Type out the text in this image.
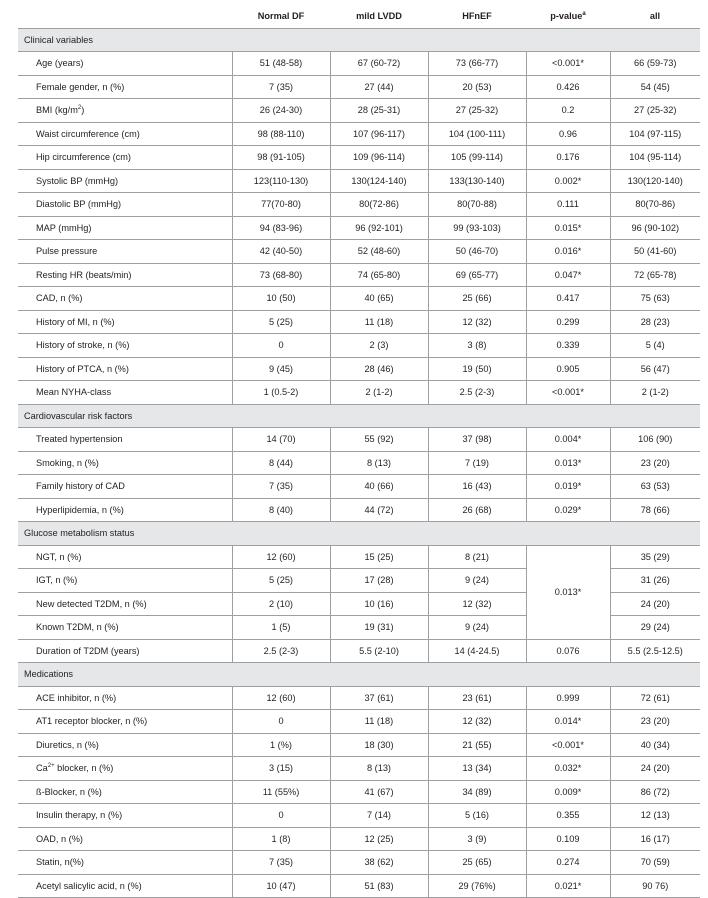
	Normal DF	mild LVDD	HFnEF	p-value$^a$	all
Clinical variables					
Age (years)	51 (48-58)	67 (60-72)	73 (66-77)	<0.001*	66 (59-73)
Female gender, n (%)	7 (35)	27 (44)	20 (53)	0.426	54 (45)
BMI $(kg/m^2)$	26 (24-30)	28 (25-31)	27 (25-32)	0.2	27 (25-32)
Waist circumference (cm)	98 (88-110)	107 (96-117)	104 (100-111)	0.96	104 (97-115)
Hip circumference (cm)	98 (91-105)	109 (96-114)	105 (99-114)	0.176	104 (95-114)
Systolic BP (mmHg)	123(110-130)	130(124-140)	133(130-140)	0.002*	130(120-140)
Diastolic BP (mmHg)	77(70-80)	80(72-86)	80(70-88)	0.111	80(70-86)
MAP (mmHg)	94 (83-96)	96 (92-101)	99 (93-103)	0.015*	96 (90-102)
Pulse pressure	42 (40-50)	52 (48-60)	50 (46-70)	0.016*	50 (41-60)
Resting HR (beats/min)	73 (68-80)	74 (65-80)	69 (65-77)	0.047*	72 (65-78)
CAD, n (%)	10 (50)	40 (65)	25 (66)	0.417	75 (63)
History of MI, n (%)	5 (25)	11 (18)	12 (32)	0.299	28 (23)
History of stroke, n (%)	0	2 (3)	3 (8)	0.339	5 (4)
History of PTCA, n (%)	9 (45)	28 (46)	19 (50)	0.905	56 (47)
Mean NYHA-class	1 (0.5-2)	2 (1-2)	2.5 (2-3)	<0.001*	2 (1-2)
Cardiovascular risk factors					
Treated hypertension	14 (70)	55 (92)	37 (98)	0.004*	106 (90)
Smoking, n (%)	8 (44)	8 (13)	7 (19)	0.013*	23 (20)
Family history of CAD	7 (35)	40 (66)	16 (43)	0.019*	63 (53)
Hyperlipidemia, n (%)	8 (40)	44 (72)	26 (68)	0.029*	78 (66)
Glucose metabolism status					
NGT, n (%)	12 (60)	15 (25)	8 (21)	0.013*	35 (29)
IGT, n (%)	5 (25)	17 (28)	9 (24)		31 (26)
New detected T2DM, n (%)	2 (10)	10 (16)	12 (32)		24 (20)
Known T2DM, n (%)	1 (5)	19 (31)	9 (24)		29 (24)
Duration of T2DM (years)	2.5 (2-3)	5.5 (2-10)	14 (4-24.5)	0.076	5.5 (2.5-12.5)
Medications					
ACE inhibitor, n (%)	12 (60)	37 (61)	23 (61)	0.999	72 (61)
AT1 receptor blocker, n (%)	0	11 (18)	12 (32)	0.014*	23 (20)
Diuretics, n (%)	1 (%)	18 (30)	21 (55)	<0.001*	40 (34)
$Ca^{2+}$ blocker, n (%)	3 (15)	8 (13)	13 (34)	0.032*	24 (20)
ß-Blocker, n (%)	11 (55%)	41 (67)	34 (89)	0.009*	86 (72)
Insulin therapy, n (%)	0	7 (14)	5 (16)	0.355	12 (13)
OAD, n (%)	1 (8)	12 (25)	3 (9)	0.109	16 (17)
Statin, n(%)	7 (35)	38 (62)	25 (65)	0.274	70 (59)
Acetyl salicylic acid, n (%)	10 (47)	51 (83)	29 (76%)	0.021*	90 76)
